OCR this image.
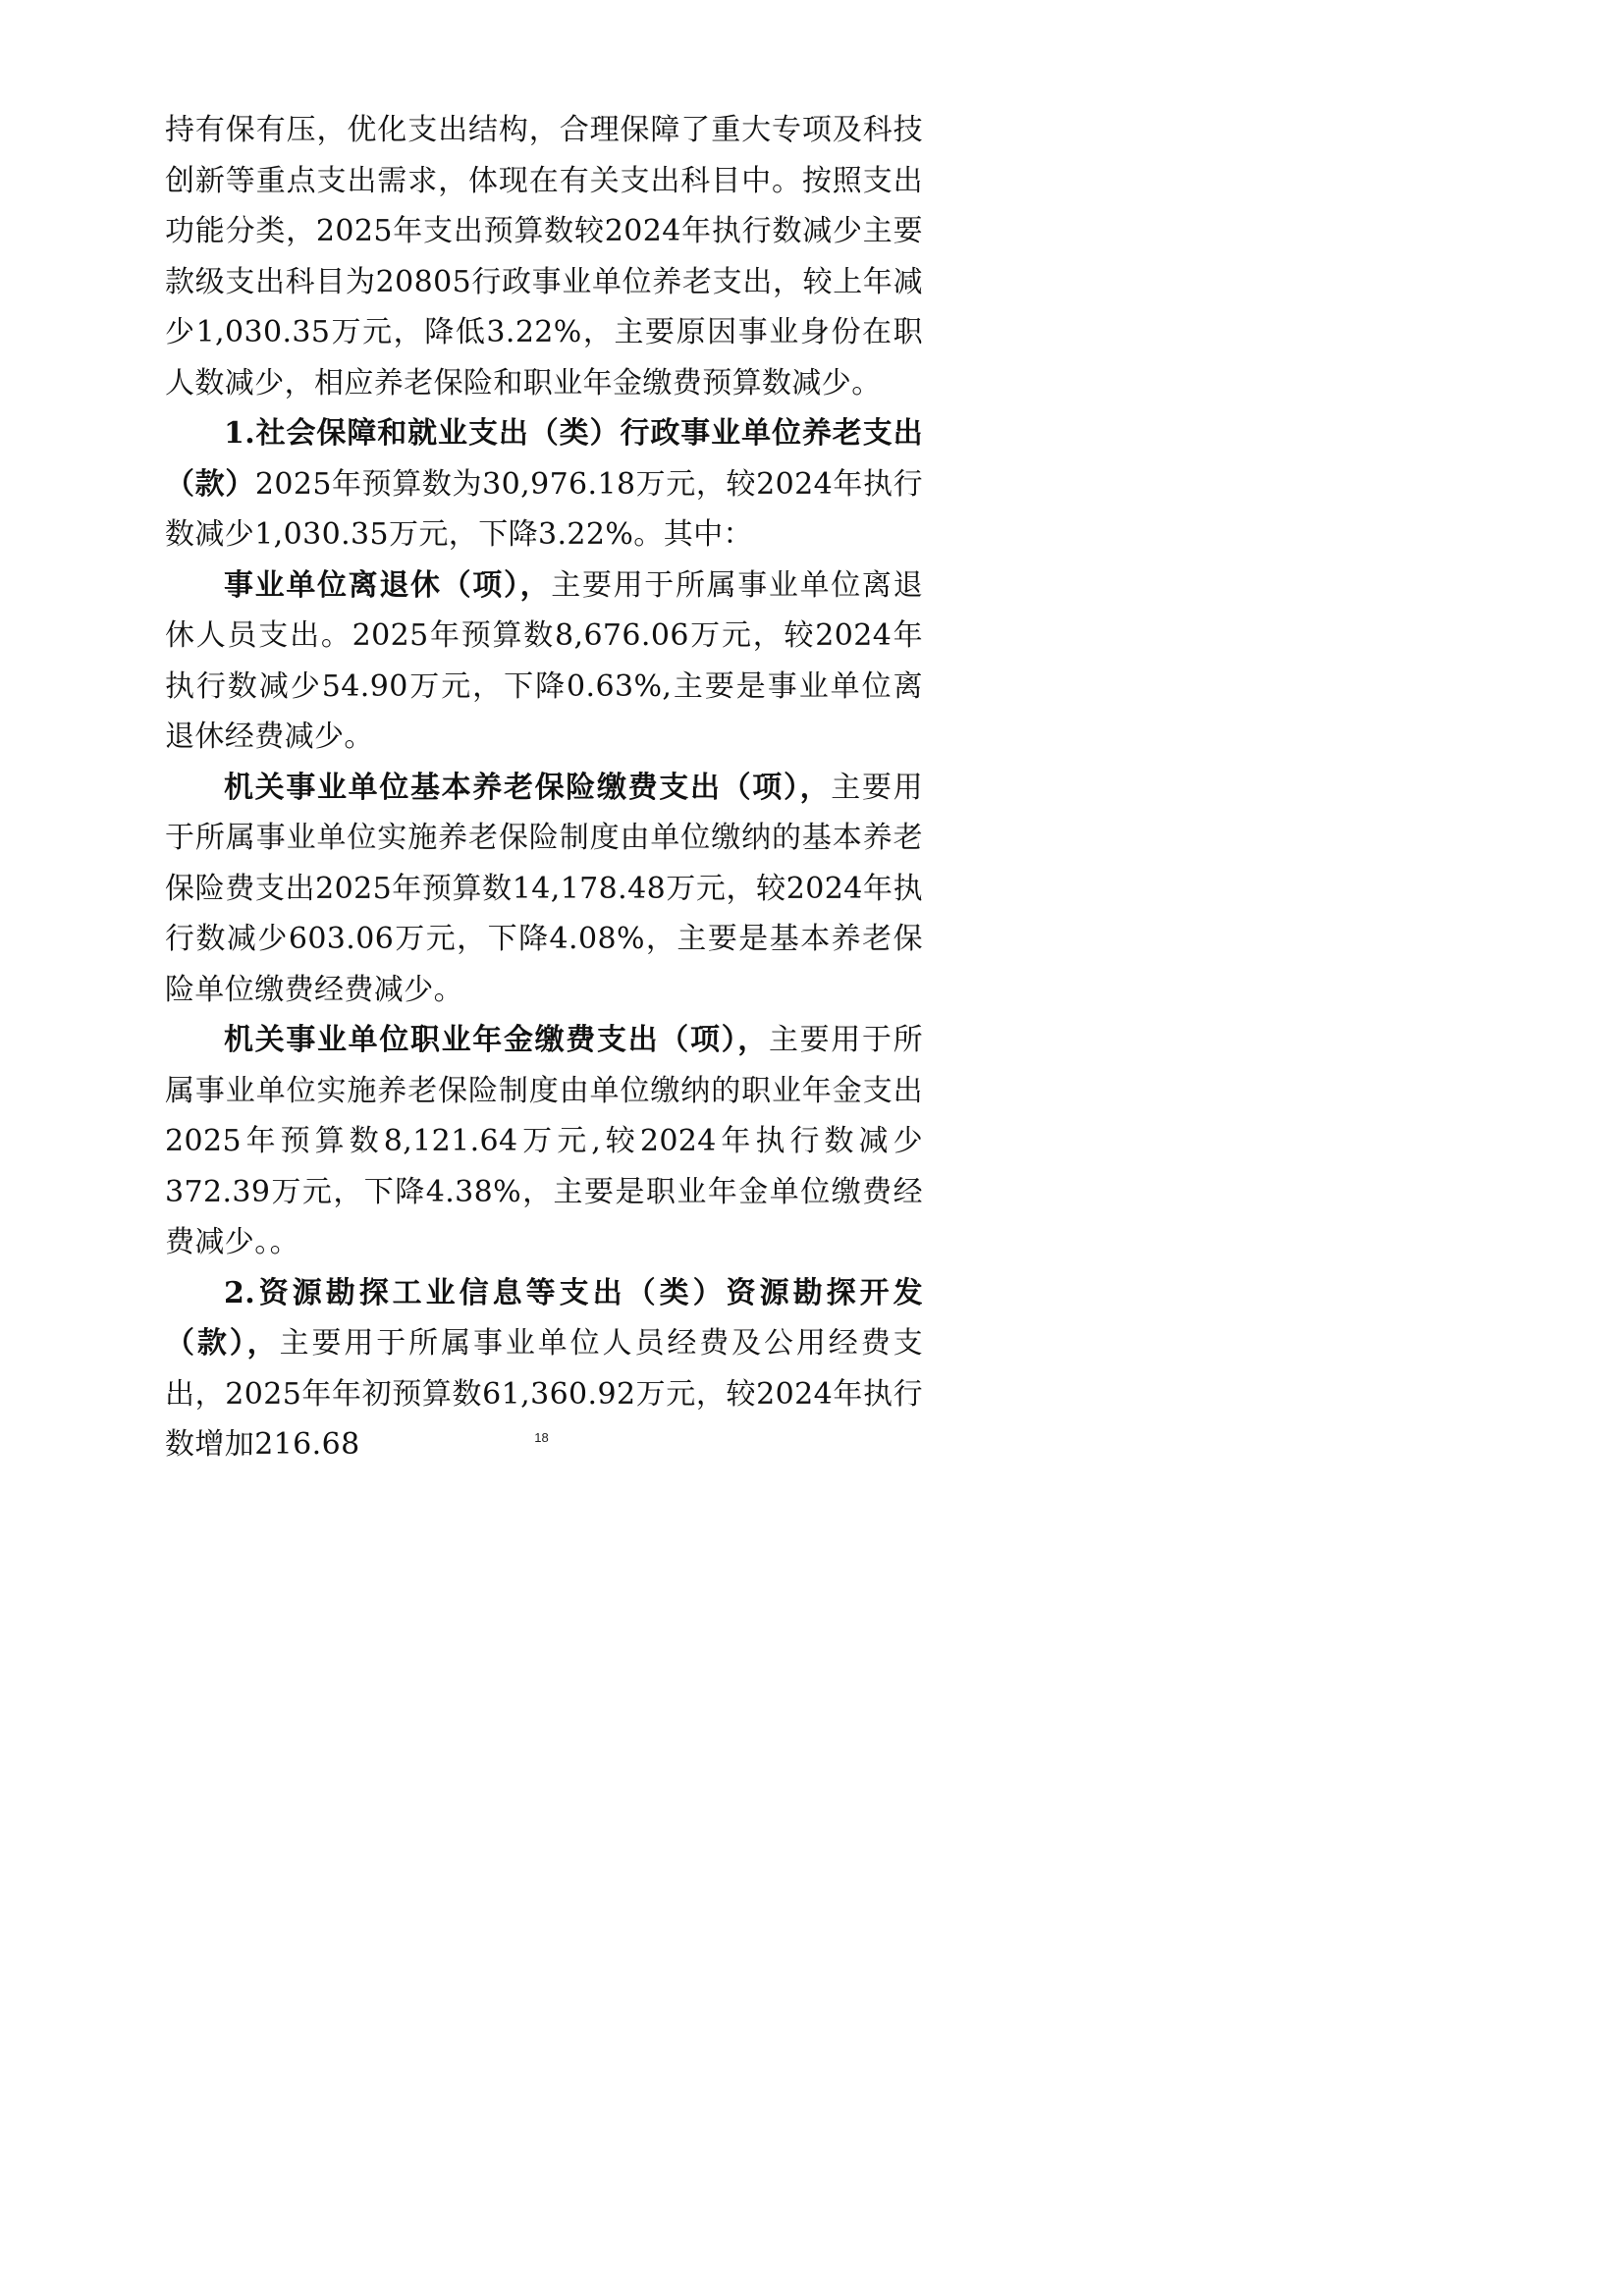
持有保有压，优化支出结构，合理保障了重大专项及科技创新等重点支出需求，体现在有关支出科目中。按照支出功能分类，2025年支出预算数较2024年执行数减少主要款级支出科目为20805行政事业单位养老支出，较上年减少1,030.35万元，降低3.22%，主要原因事业身份在职人数减少，相应养老保险和职业年金缴费预算数减少。

1.社会保障和就业支出（类）行政事业单位养老支出（款）2025年预算数为30,976.18万元，较2024年执行数减少1,030.35万元，下降3.22%。其中：

事业单位离退休（项），主要用于所属事业单位离退休人员支出。2025年预算数8,676.06万元，较2024年执行数减少54.90万元，下降0.63%,主要是事业单位离退休经费减少。

机关事业单位基本养老保险缴费支出（项），主要用于所属事业单位实施养老保险制度由单位缴纳的基本养老保险费支出2025年预算数14,178.48万元，较2024年执行数减少603.06万元，下降4.08%，主要是基本养老保险单位缴费经费减少。

机关事业单位职业年金缴费支出（项），主要用于所属事业单位实施养老保险制度由单位缴纳的职业年金支出2025年预算数8,121.64万元,较2024年执行数减少372.39万元，下降4.38%，主要是职业年金单位缴费经费减少。。

2.资源勘探工业信息等支出（类）资源勘探开发（款），主要用于所属事业单位人员经费及公用经费支出，2025年年初预算数61,360.92万元，较2024年执行数增加216.68	18
